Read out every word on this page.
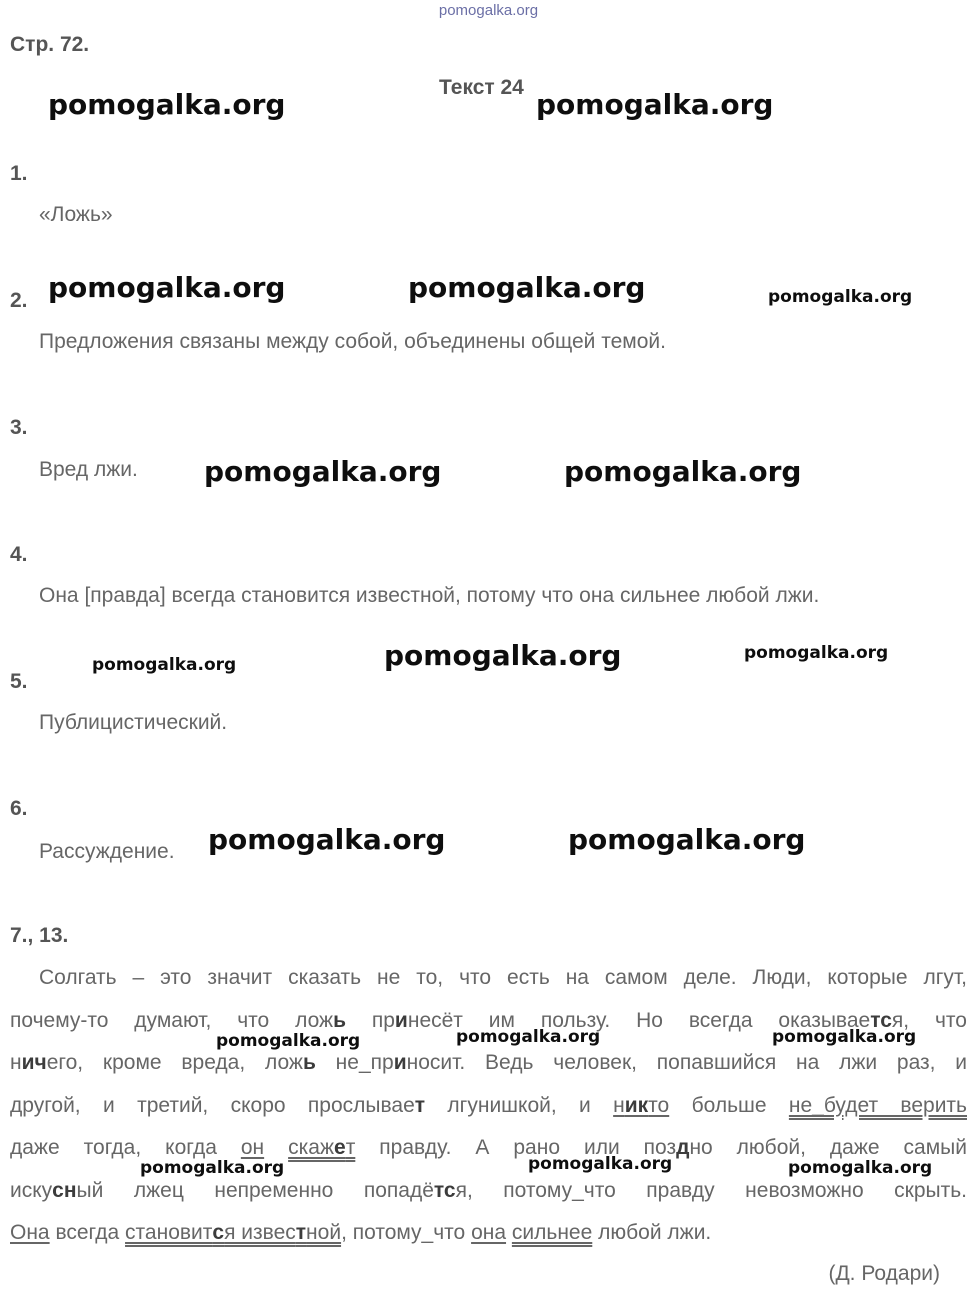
pomogalka.org
Стр. 72.
Текст 24
1.
«Ложь»
2.
Предложения связаны между собой, объединены общей темой.
3.
Вред лжи.
4.
Она [правда] всегда становится известной, потому что она сильнее любой лжи.
5.
Публицистический.
6.
Рассуждение.
7., 13.
Солгать – это значит сказать не то, что есть на самом деле. Люди, которые лгут,
почему-то думают, что ложь принесёт им пользу. Но всегда оказывается, что
ничего, кроме вреда, ложь не_приносит. Ведь человек, попавшийся на лжи раз, и
другой, и третий, скоро прослывает лгунишкой, и никто больше не_будет верить
даже тогда, когда он скажет правду. А рано или поздно любой, даже самый
искусный лжец непременно попадётся, потому_что правду невозможно скрыть.
Она всегда становится известной, потому_что она сильнее любой лжи.
(Д. Родари)
pomogalka.org	pomogalka.org
pomogalka.org	pomogalka.org	pomogalka.org
pomogalka.org	pomogalka.org
pomogalka.org	pomogalka.org	pomogalka.org
pomogalka.org	pomogalka.org
pomogalka.org	pomogalka.org	pomogalka.org
pomogalka.org	pomogalka.org	pomogalka.org
